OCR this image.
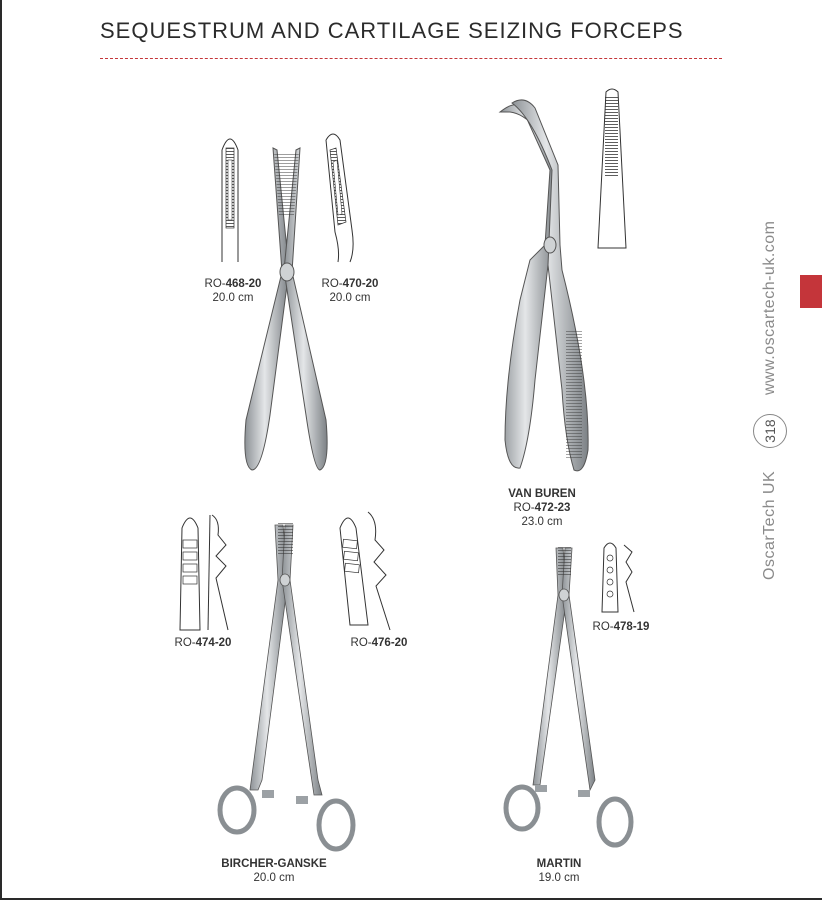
SEQUESTRUM AND CARTILAGE SEIZING FORCEPS
RO-468-20
20.0 cm
RO-470-20
20.0 cm
VAN BUREN
RO-472-23
23.0 cm
RO-474-20	RO-476-20
RO-478-19
BIRCHER-GANSKE
20.0 cm
MARTIN
19.0 cm
www.oscartech-uk.com
318
OscarTech UK
